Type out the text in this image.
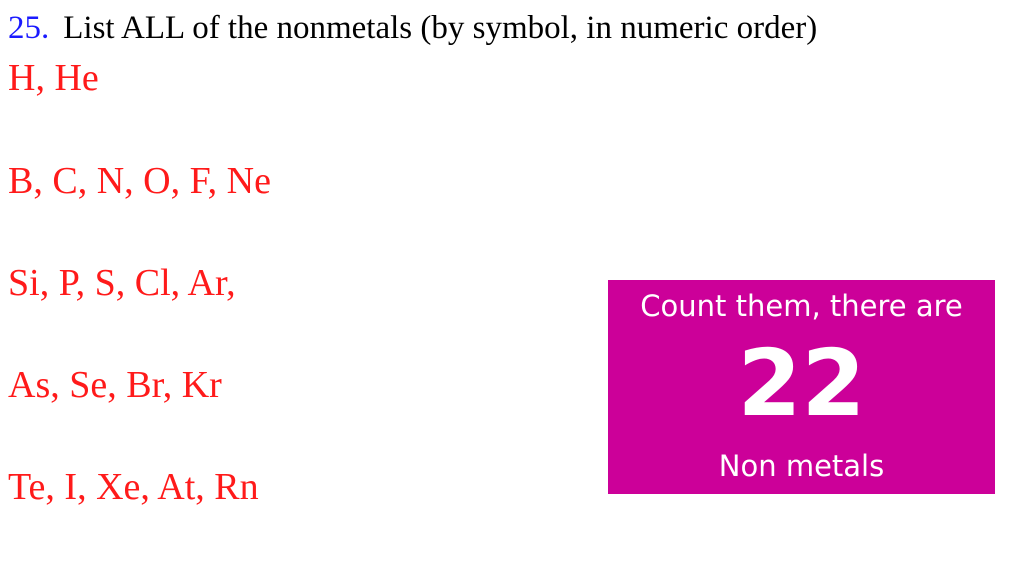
25. List ALL of the nonmetals (by symbol, in numeric order)
H, He
B, C, N, O, F, Ne
Si, P, S, Cl, Ar,
As, Se, Br, Kr
Te, I, Xe, At, Rn
Count them, there are
22
Non metals
